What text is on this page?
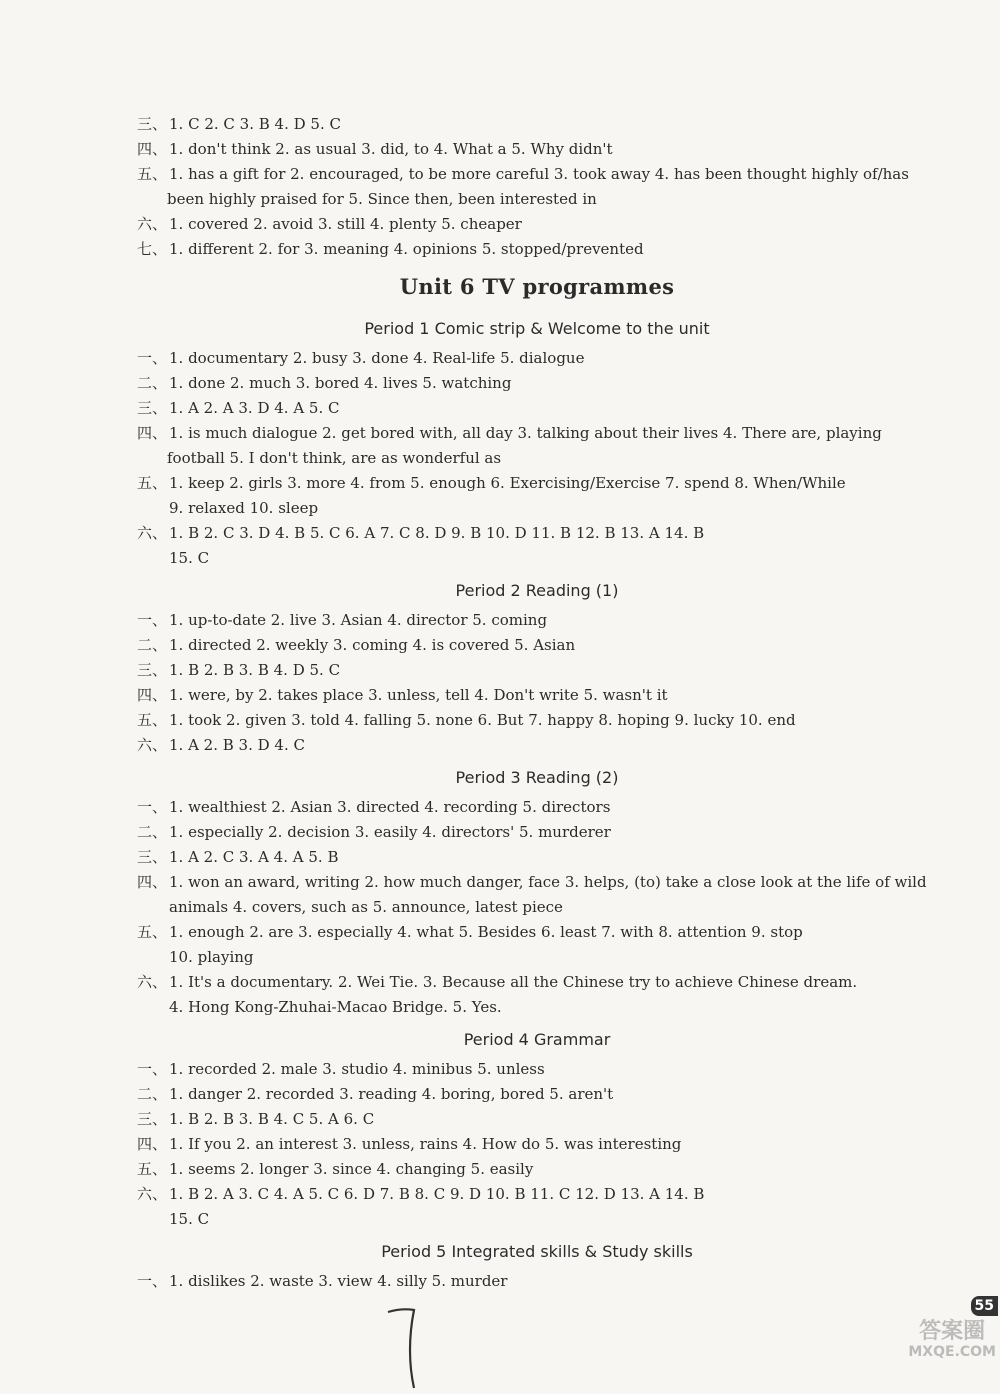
三、 1. C 2. C 3. B 4. D 5. C
四、 1. don't think 2. as usual 3. did, to 4. What a 5. Why didn't
五、 1. has a gift for 2. encouraged, to be more careful 3. took away 4. has been thought highly of/has
been highly praised for 5. Since then, been interested in
六、 1. covered 2. avoid 3. still 4. plenty 5. cheaper
七、 1. different 2. for 3. meaning 4. opinions 5. stopped/prevented
Unit 6 TV programmes
Period 1 Comic strip & Welcome to the unit
一、 1. documentary 2. busy 3. done 4. Real-life 5. dialogue
二、 1. done 2. much 3. bored 4. lives 5. watching
三、 1. A 2. A 3. D 4. A 5. C
四、 1. is much dialogue 2. get bored with, all day 3. talking about their lives 4. There are, playing
football 5. I don't think, are as wonderful as
五、 1. keep 2. girls 3. more 4. from 5. enough 6. Exercising/Exercise 7. spend 8. When/While
9. relaxed 10. sleep
六、 1. B 2. C 3. D 4. B 5. C 6. A 7. C 8. D 9. B 10. D 11. B 12. B 13. A 14. B
15. C
Period 2 Reading (1)
一、 1. up-to-date 2. live 3. Asian 4. director 5. coming
二、 1. directed 2. weekly 3. coming 4. is covered 5. Asian
三、 1. B 2. B 3. B 4. D 5. C
四、 1. were, by 2. takes place 3. unless, tell 4. Don't write 5. wasn't it
五、 1. took 2. given 3. told 4. falling 5. none 6. But 7. happy 8. hoping 9. lucky 10. end
六、 1. A 2. B 3. D 4. C
Period 3 Reading (2)
一、 1. wealthiest 2. Asian 3. directed 4. recording 5. directors
二、 1. especially 2. decision 3. easily 4. directors' 5. murderer
三、 1. A 2. C 3. A 4. A 5. B
四、 1. won an award, writing 2. how much danger, face 3. helps, (to) take a close look at the life of wild
animals 4. covers, such as 5. announce, latest piece
五、 1. enough 2. are 3. especially 4. what 5. Besides 6. least 7. with 8. attention 9. stop
10. playing
六、 1. It's a documentary. 2. Wei Tie. 3. Because all the Chinese try to achieve Chinese dream.
4. Hong Kong-Zhuhai-Macao Bridge. 5. Yes.
Period 4 Grammar
一、 1. recorded 2. male 3. studio 4. minibus 5. unless
二、 1. danger 2. recorded 3. reading 4. boring, bored 5. aren't
三、 1. B 2. B 3. B 4. C 5. A 6. C
四、 1. If you 2. an interest 3. unless, rains 4. How do 5. was interesting
五、 1. seems 2. longer 3. since 4. changing 5. easily
六、 1. B 2. A 3. C 4. A 5. C 6. D 7. B 8. C 9. D 10. B 11. C 12. D 13. A 14. B
15. C
Period 5 Integrated skills & Study skills
一、 1. dislikes 2. waste 3. view 4. silly 5. murder
55
答案圈
MXQE.COM
